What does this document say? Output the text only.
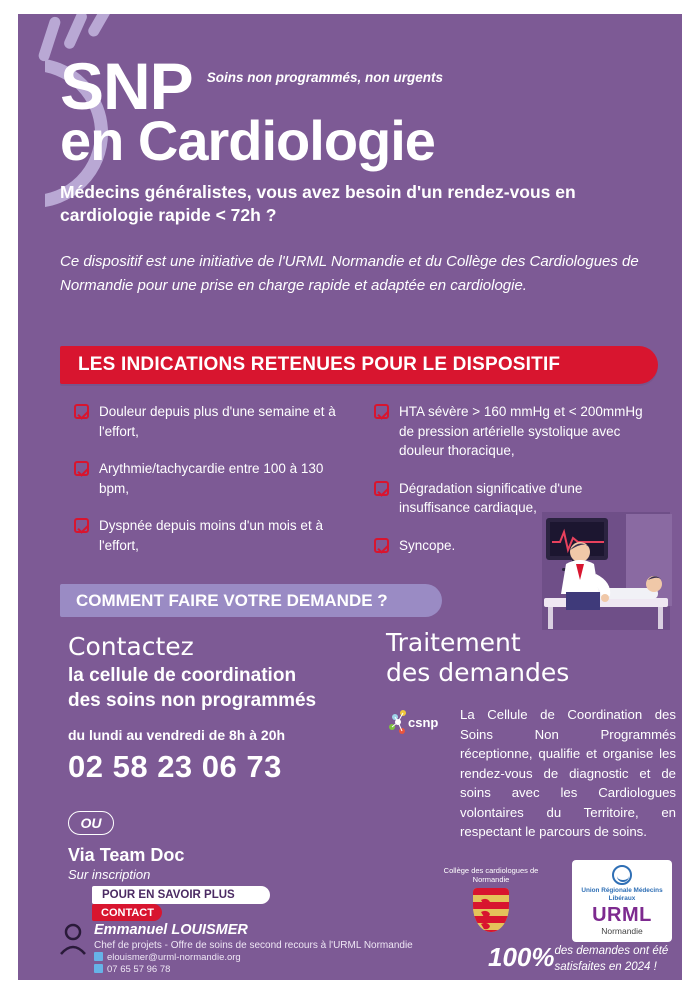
SNP Soins non programmés, non urgents
en Cardiologie
Médecins généralistes, vous avez besoin d'un rendez-vous en cardiologie rapide < 72h ?
Ce dispositif est une initiative de l'URML Normandie et du Collège des Cardiologues de Normandie pour une prise en charge rapide et adaptée en cardiologie.
LES INDICATIONS RETENUES POUR LE DISPOSITIF
Douleur depuis plus d'une semaine et à l'effort,
Arythmie/tachycardie entre 100 à 130 bpm,
Dyspnée depuis moins d'un mois et à l'effort,
HTA sévère > 160 mmHg et < 200mmHg de pression artérielle systolique avec douleur thoracique,
Dégradation significative d'une insuffisance cardiaque,
Syncope.
COMMENT FAIRE VOTRE DEMANDE ?
Contactez
la cellule de coordination
des soins non programmés
du lundi au vendredi de 8h à 20h
02 58 23 06 73
OU
Via Team Doc
Sur inscription
Traitement
des demandes
csnp
La Cellule de Coordination des Soins Non Programmés réceptionne, qualifie et organise les rendez-vous de diagnostic et de soins avec les Cardiologues volontaires du Territoire, en respectant le parcours de soins.
POUR EN SAVOIR PLUS
CONTACT
Emmanuel LOUISMER
Chef de projets - Offre de soins de second recours à l'URML Normandie
elouismer@urml-normandie.org
07 65 57 96 78
Collège des cardiologues de Normandie
Union Régionale Médecins Libéraux
URML
Normandie
100% des demandes ont été satisfaites en 2024 !
